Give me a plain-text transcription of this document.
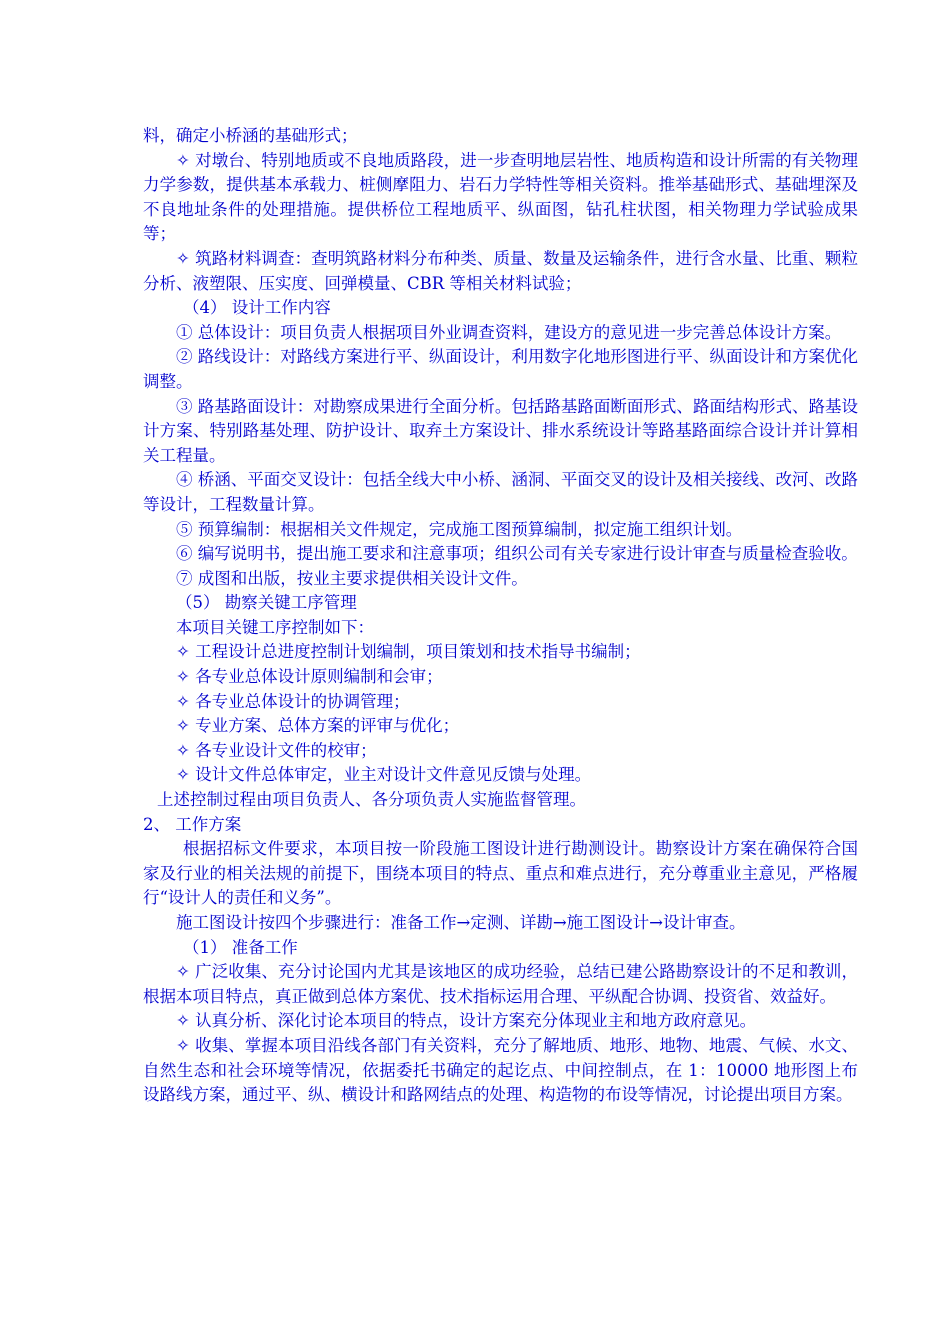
料，确定小桥涵的基础形式；

✧ 对墩台、特别地质或不良地质路段，进一步查明地层岩性、地质构造和设计所需的有关物理力学参数，提供基本承载力、桩侧摩阻力、岩石力学特性等相关资料。推举基础形式、基础埋深及不良地址条件的处理措施。提供桥位工程地质平、纵面图，钻孔柱状图，相关物理力学试验成果等；

✧ 筑路材料调查：查明筑路材料分布种类、质量、数量及运输条件，进行含水量、比重、颗粒分析、液塑限、压实度、回弹模量、CBR 等相关材料试验；

（4） 设计工作内容

① 总体设计：项目负责人根据项目外业调查资料，建设方的意见进一步完善总体设计方案。

② 路线设计：对路线方案进行平、纵面设计，利用数字化地形图进行平、纵面设计和方案优化调整。

③ 路基路面设计：对勘察成果进行全面分析。包括路基路面断面形式、路面结构形式、路基设计方案、特别路基处理、防护设计、取弃土方案设计、排水系统设计等路基路面综合设计并计算相关工程量。

④ 桥涵、平面交叉设计：包括全线大中小桥、涵洞、平面交叉的设计及相关接线、改河、改路等设计，工程数量计算。

⑤ 预算编制：根据相关文件规定，完成施工图预算编制，拟定施工组织计划。

⑥ 编写说明书，提出施工要求和注意事项；组织公司有关专家进行设计审查与质量检查验收。

⑦ 成图和出版，按业主要求提供相关设计文件。

（5） 勘察关键工序管理

本项目关键工序控制如下：

✧ 工程设计总进度控制计划编制，项目策划和技术指导书编制；

✧ 各专业总体设计原则编制和会审；

✧ 各专业总体设计的协调管理；

✧ 专业方案、总体方案的评审与优化；

✧ 各专业设计文件的校审；

✧ 设计文件总体审定，业主对设计文件意见反馈与处理。

上述控制过程由项目负责人、各分项负责人实施监督管理。

2、 工作方案

根据招标文件要求，本项目按一阶段施工图设计进行勘测设计。勘察设计方案在确保符合国家及行业的相关法规的前提下，围绕本项目的特点、重点和难点进行，充分尊重业主意见，严格履行“设计人的责任和义务”。

施工图设计按四个步骤进行：准备工作→定测、详勘→施工图设计→设计审查。

（1） 准备工作

✧ 广泛收集、充分讨论国内尤其是该地区的成功经验，总结已建公路勘察设计的不足和教训，根据本项目特点，真正做到总体方案优、技术指标运用合理、平纵配合协调、投资省、效益好。

✧ 认真分析、深化讨论本项目的特点，设计方案充分体现业主和地方政府意见。

✧ 收集、掌握本项目沿线各部门有关资料，充分了解地质、地形、地物、地震、气候、水文、自然生态和社会环境等情况，依据委托书确定的起讫点、中间控制点，在 1：10000 地形图上布设路线方案，通过平、纵、横设计和路网结点的处理、构造物的布设等情况，讨论提出项目方案。
